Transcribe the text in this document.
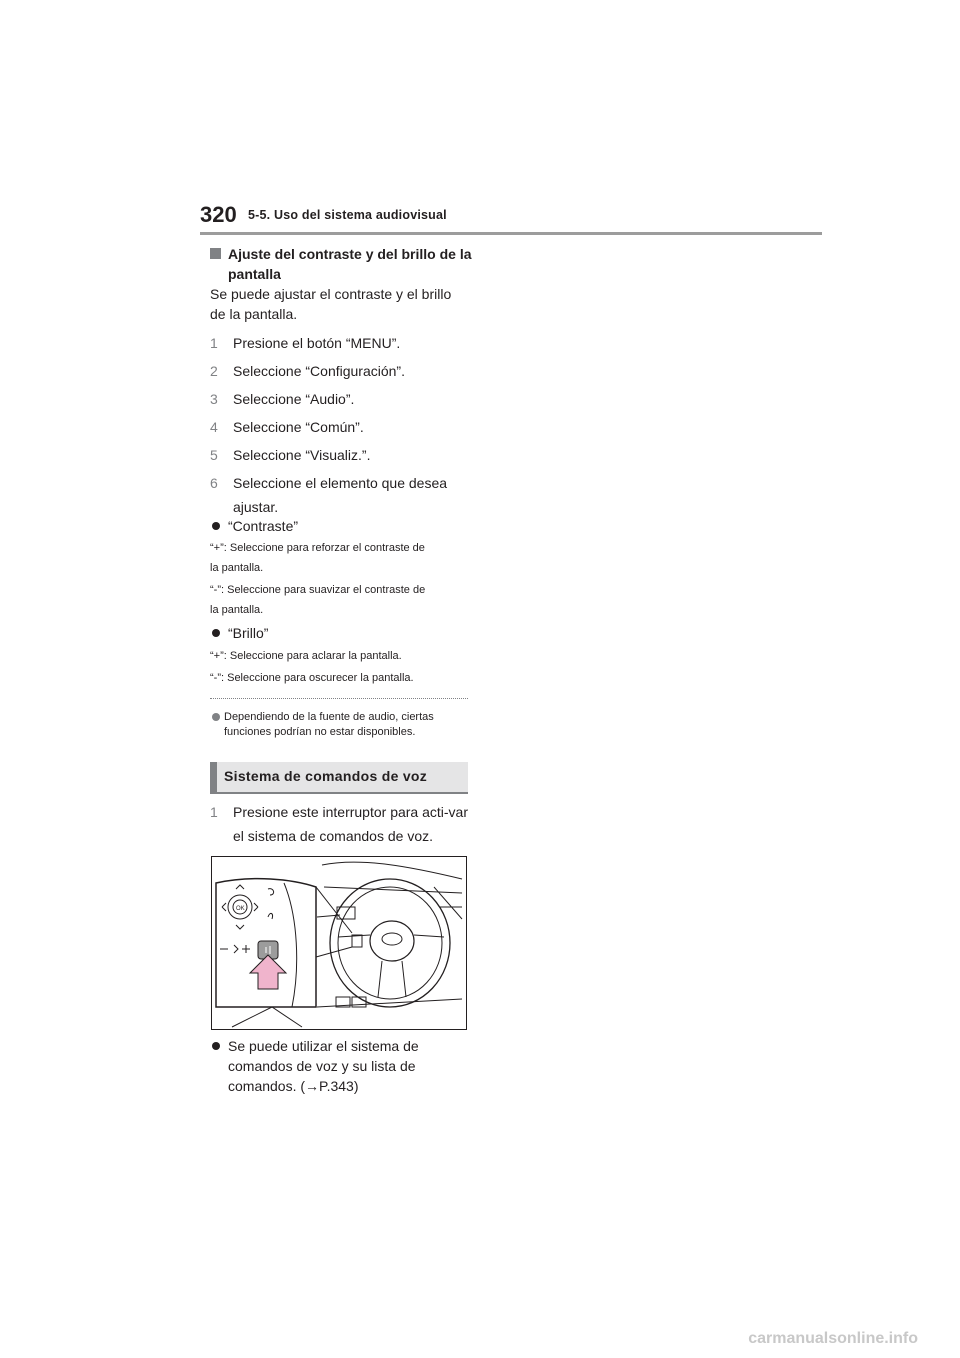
320 5-5. Uso del sistema audiovisual
Ajuste del contraste y del brillo de la pantalla
Se puede ajustar el contraste y el brillo
de la pantalla.
1	Presione el botón “MENU”.
2	Seleccione “Configuración”.
3	Seleccione “Audio”.
4	Seleccione “Común”.
5	Seleccione “Visualiz.”.
6	Seleccione el elemento que desea ajustar.
“Contraste”
“+”: Seleccione para reforzar el contraste de
la pantalla.
“-”: Seleccione para suavizar el contraste de
la pantalla.
“Brillo”
“+”: Seleccione para aclarar la pantalla.
“-”: Seleccione para oscurecer la pantalla.
Dependiendo de la fuente de audio, ciertas funciones podrían no estar disponibles.
Sistema de comandos de voz
1	Presione este interruptor para acti-var el sistema de comandos de voz.
OK
Se puede utilizar el sistema de
comandos de voz y su lista de
comandos. (→P.343)
carmanualsonline.info
